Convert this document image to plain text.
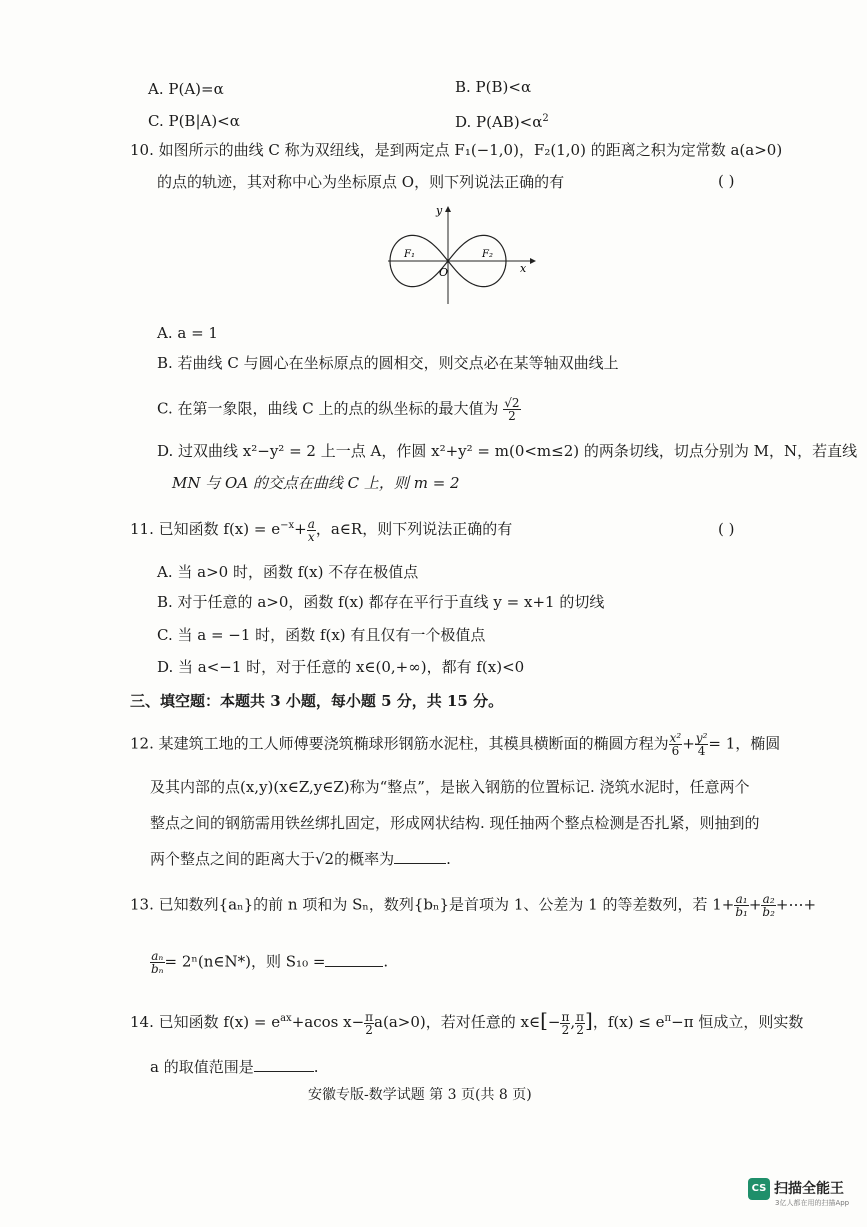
A. P(A)=α	B. P(B)<α
C. P(B|A)<α	D. $P(AB)<\alpha^2$
10. 如图所示的曲线 C 称为双纽线，是到两定点 F₁(−1,0)，F₂(1,0) 的距离之积为定常数 a(a>0)
的点的轨迹，其对称中心为坐标原点 O，则下列说法正确的有	( )
y
x
O
F₁	F₂
A. a = 1
B. 若曲线 C 与圆心在坐标原点的圆相交，则交点必在某等轴双曲线上
C. 在第一象限，曲线 C 上的点的纵坐标的最大值为 $\frac{√2}{2}$
D. 过双曲线 x²−y² = 2 上一点 A，作圆 x²+y² = m(0<m≤2) 的两条切线，切点分别为 M，N，若直线
MN 与 OA 的交点在曲线 C 上，则 m = 2
11. 已知函数 $f(x) = e^{-x}+ \frac{a}{x}$ ，a∈R，则下列说法正确的有	( )
A. 当 a>0 时，函数 f(x) 不存在极值点
B. 对于任意的 a>0，函数 f(x) 都存在平行于直线 y = x+1 的切线
C. 当 a = −1 时，函数 f(x) 有且仅有一个极值点
D. 当 a<−1 时，对于任意的 x∈(0,+∞)，都有 f(x)<0
三、填空题：本题共 3 小题，每小题 5 分，共 15 分。
12. 某建筑工地的工人师傅要浇筑椭球形钢筋水泥柱，其模具横断面的椭圆方程为 $\frac{\text{x²}}{6} + \frac{\text{y²}}{4} = 1$，椭圆
及其内部的点(x,y)(x∈Z,y∈Z)称为“整点”，是嵌入钢筋的位置标记. 浇筑水泥时，任意两个
整点之间的钢筋需用铁丝绑扎固定，形成网状结构. 现任抽两个整点检测是否扎紧，则抽到的
两个整点之间的距离大于√2的概率为	.
13. 已知数列{aₙ}的前 n 项和为 Sₙ，数列{bₙ}是首项为 1、公差为 1 的等差数列，若 $1+ \frac{\text{a₁}}{\text{b₁}} + \frac{\text{a₂}}{\text{b₂}}$ +⋯+
$\frac{\text{aₙ}}{\text{bₙ}}$ = 2ⁿ(n∈N*)，则 S₁₀ =	.
14. 已知函数 $f(x) = e^{ax}+acos$ $x- \frac{\pi}{2} a(a>0)$，若对任意的 x∈[− $\frac{\pi}{2}$ , $\frac{\pi}{2}$ ]，$f(x) \le e^\pi-\pi$ 恒成立，则实数
a 的取值范围是	.
安徽专版-数学试题 第 3 页(共 8 页)
CS 扫描全能王
3亿人都在用的扫描App
